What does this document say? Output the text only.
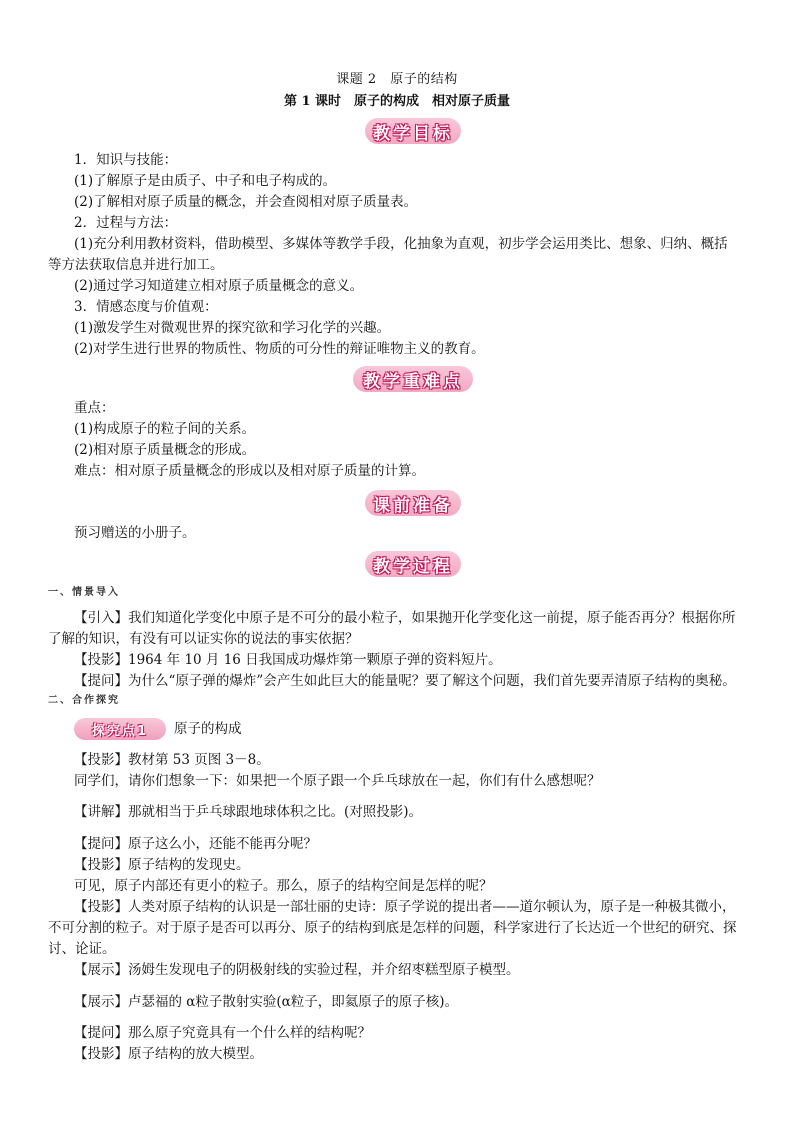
课题 2　原子的结构
第 1 课时　原子的构成　相对原子质量
教学目标
1．知识与技能：
(1)了解原子是由质子、中子和电子构成的。
(2)了解相对原子质量的概念，并会查阅相对原子质量表。
2．过程与方法：
(1)充分利用教材资料，借助模型、多媒体等教学手段，化抽象为直观，初步学会运用类比、想象、归纳、概括
等方法获取信息并进行加工。
(2)通过学习知道建立相对原子质量概念的意义。
3．情感态度与价值观：
(1)激发学生对微观世界的探究欲和学习化学的兴趣。
(2)对学生进行世界的物质性、物质的可分性的辩证唯物主义的教育。
教学重难点
重点：
(1)构成原子的粒子间的关系。
(2)相对原子质量概念的形成。
难点：相对原子质量概念的形成以及相对原子质量的计算。
课前准备
预习赠送的小册子。
教学过程
一、情景导入
【引入】我们知道化学变化中原子是不可分的最小粒子，如果抛开化学变化这一前提，原子能否再分？根据你所
了解的知识，有没有可以证实你的说法的事实依据？
【投影】1964 年 10 月 16 日我国成功爆炸第一颗原子弹的资料短片。
【提问】为什么“原子弹的爆炸”会产生如此巨大的能量呢？要了解这个问题，我们首先要弄清原子结构的奥秘。
二、合作探究
探究点1 原子的构成
【投影】教材第 53 页图 3－8。
同学们，请你们想象一下：如果把一个原子跟一个乒乓球放在一起，你们有什么感想呢？
【讲解】那就相当于乒乓球跟地球体积之比。(对照投影)。
【提问】原子这么小，还能不能再分呢？
【投影】原子结构的发现史。
可见，原子内部还有更小的粒子。那么，原子的结构空间是怎样的呢？
【投影】人类对原子结构的认识是一部壮丽的史诗：原子学说的提出者——道尔顿认为，原子是一种极其微小，
不可分割的粒子。对于原子是否可以再分、原子的结构到底是怎样的问题，科学家进行了长达近一个世纪的研究、探
讨、论证。
【展示】汤姆生发现电子的阴极射线的实验过程，并介绍枣糕型原子模型。
【展示】卢瑟福的 α粒子散射实验(α粒子，即氦原子的原子核)。
【提问】那么原子究竟具有一个什么样的结构呢？
【投影】原子结构的放大模型。
